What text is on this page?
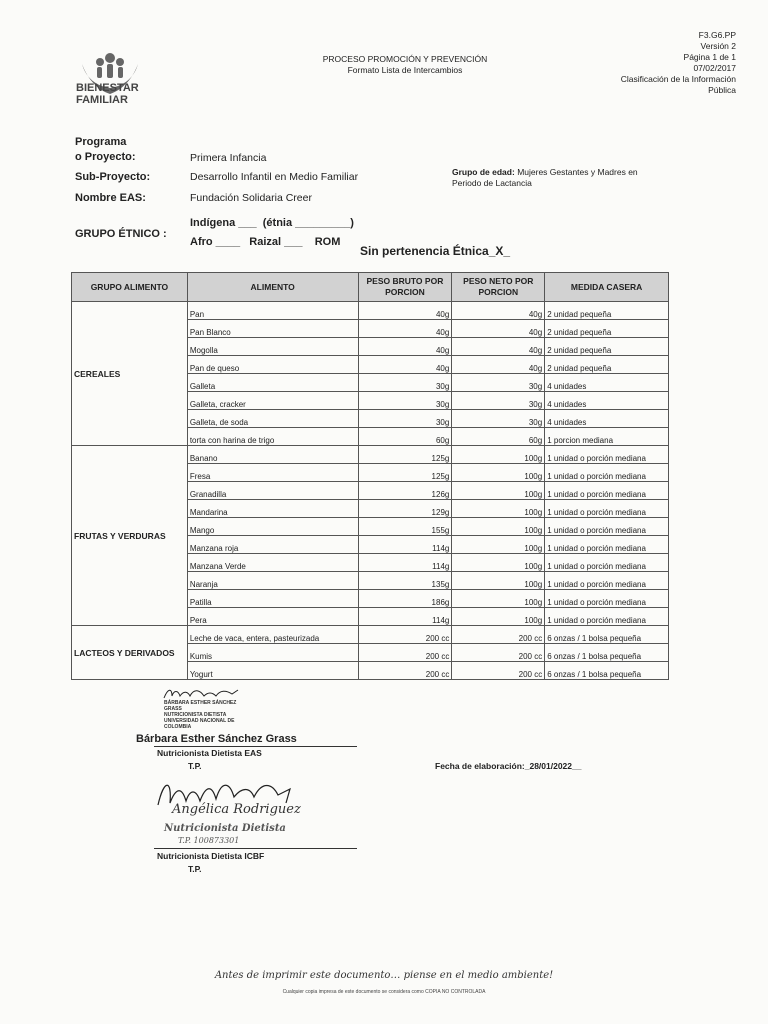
BIENESTAR
FAMILIAR
PROCESO PROMOCIÓN Y PREVENCIÓN
Formato Lista de Intercambios
F3.G6.PP
Versión 2
Página 1 de 1
07/02/2017
Clasificación de la Información
Pública
Programa
o Proyecto:	Primera Infancia
Sub-Proyecto:	Desarrollo Infantil en Medio Familiar
Nombre EAS:	Fundación Solidaria Creer
Grupo de edad: Mujeres Gestantes y Madres en
Periodo de Lactancia
GRUPO ÉTNICO :
Indígena ___  (étnia _________)
Afro ____   Raizal ___    ROM
Sin pertenencia Étnica_X_
GRUPO ALIMENTO	ALIMENTO	PESO BRUTO POR PORCION	PESO NETO POR PORCION	MEDIDA CASERA
CEREALES	Pan	40g	40g	2 unidad pequeña
	Pan Blanco	40g	40g	2 unidad pequeña
	Mogolla	40g	40g	2 unidad pequeña
	Pan de queso	40g	40g	2 unidad pequeña
	Galleta	30g	30g	4 unidades
	Galleta, cracker	30g	30g	4 unidades
	Galleta, de soda	30g	30g	4 unidades
	torta con harina de trigo	60g	60g	1 porcion mediana
FRUTAS Y VERDURAS	Banano	125g	100g	1 unidad o porción mediana
	Fresa	125g	100g	1 unidad o porción mediana
	Granadilla	126g	100g	1 unidad o porción mediana
	Mandarina	129g	100g	1 unidad o porción mediana
	Mango	155g	100g	1 unidad o porción mediana
	Manzana roja	114g	100g	1 unidad o porción mediana
	Manzana Verde	114g	100g	1 unidad o porción mediana
	Naranja	135g	100g	1 unidad o porción mediana
	Patilla	186g	100g	1 unidad o porción mediana
	Pera	114g	100g	1 unidad o porción mediana
LACTEOS Y DERIVADOS	Leche de vaca, entera, pasteurizada	200 cc	200 cc	6 onzas / 1 bolsa pequeña
	Kumis	200 cc	200 cc	6 onzas / 1 bolsa pequeña
	Yogurt	200 cc	200 cc	6 onzas / 1 bolsa pequeña
BÁRBARA ESTHER SÁNCHEZ GRASS
NUTRICIONISTA DIETISTA
UNIVERSIDAD NACIONAL DE COLOMBIA
Bárbara Esther Sánchez Grass
Nutricionista Dietista EAS
T.P.	Fecha de elaboración:_28/01/2022__
Angélica Rodriguez
Nutricionista Dietista
T.P. 100873301
Nutricionista Dietista ICBF
T.P.
Antes de imprimir este documento… piense en el medio ambiente!
Cualquier copia impresa de este documento se considera como COPIA NO CONTROLADA
